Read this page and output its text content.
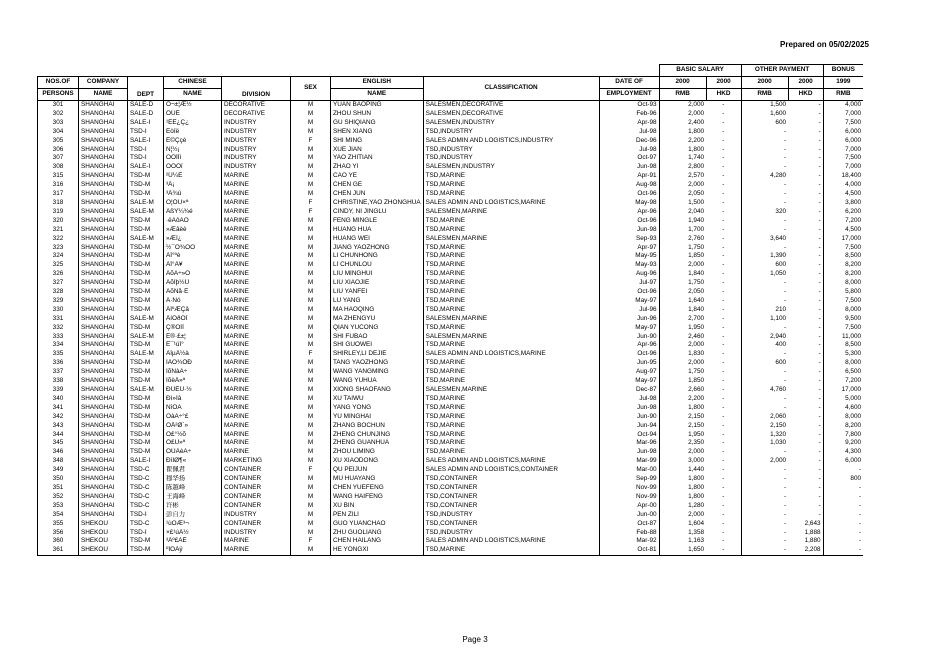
Prepared on 05/02/2025
									BASIC SALARY		OTHER PAYMENT		BONUS
NOS.OF	COMPANY	DEPT	CHINESE	DIVISION	SEX	ENGLISH	CLASSIFICATION	DATE OF	2000	2000	2000	2000	1999
PERSONS	NAME		NAME			NAME		EMPLOYMENT	RMB	HKD	RMB	HKD	RMB
301	SHANGHAI	SALE-D	Ö¬±¦Æ½	DECORATIVE	M	YUAN BAOPING	SALESMEN,DECORATIVE	Oct-93	2,000	-	1,500	-	4,000
302	SHANGHAI	SALE-D	ÖÜÈ	DECORATIVE	M	ZHOU SHUN	SALESMEN,DECORATIVE	Feb-96	2,000	-	1,600	-	7,000
303	SHANGHAI	SALE-I	¹ËÊ¿Ç¿	INDUSTRY	M	GU SHIQIANG	SALESMEN,INDUSTRY	Apr-98	2,400	-	600	-	7,500
304	SHANGHAI	TSD-I	Éòîë	INDUSTRY	M	SHEN XIANG	TSD,INDUSTRY	Jul-98	1,800	-	-	-	6,000
305	SHANGHAI	SALE-I	Ê©Ççè	INDUSTRY	F	SHI MING	SALES ADMIN AND LOGISTICS,INDUSTRY	Dec-96	2,200	-	-	-	6,000
306	SHANGHAI	TSD-I	Ñ¦½¡	INDUSTRY	M	XUE JIAN	TSD,INDUSTRY	Jul-98	1,800	-	-	-	7,000
307	SHANGHAI	TSD-I	ÒÔÎÌì	INDUSTRY	M	YAO ZHITIAN	TSD,INDUSTRY	Oct-97	1,740	-	-	-	7,500
308	SHANGHAI	SALE-I	ÕÔÒï	INDUSTRY	M	ZHAO YI	SALESMEN,INDUSTRY	Jun-98	2,800	-	-	-	7,000
315	SHANGHAI	TSD-M	²Ü¼È	MARINE	M	CAO YE	TSD,MARINE	Apr-91	2,570	-	4,280	-	18,400
316	SHANGHAI	TSD-M	³Â¡	MARINE	M	CHEN GE	TSD,MARINE	Aug-98	2,000	-	-	-	4,000
317	SHANGHAI	TSD-M	³Â¾û	MARINE	M	CHEN JUN	TSD,MARINE	Oct-96	2,050	-	-	-	4,500
318	SHANGHAI	SALE-M	Ò¦ÖÙ×ª	MARINE	F	CHRISTINE,YAO ZHONGHUA	SALES ADMIN AND LOGISTICS,MARINE	May-98	1,500	-	-	-	3,800
319	SHANGHAI	SALE-M	ÄßÝ¼¾é	MARINE	F	CINDY, NI JINGLU	SALESMEN,MARINE	Apr-96	2,040	-	320	-	6,200
320	SHANGHAI	TSD-M	·ëÃôÃÕ	MARINE	M	FENG MINGLE	TSD,MARINE	Oct-96	1,940	-	-	-	7,200
321	SHANGHAI	TSD-M	»Æâèè	MARINE	M	HUANG HUA	TSD,MARINE	Jun-98	1,700	-	-	-	4,500
322	SHANGHAI	SALE-M	»Æî¿	MARINE	M	HUANG WEI	SALESMEN,MARINE	Sep-93	2,760	-	3,640	-	17,000
323	SHANGHAI	TSD-M	½¯Ò¾ÒÒ	MARINE	M	JIANG YAOZHONG	TSD,MARINE	Apr-97	1,750	-	-	-	7,500
324	SHANGHAI	TSD-M	ÀÎ°ºè	MARINE	M	LI CHUNHONG	TSD,MARINE	May-95	1,850	-	1,390	-	8,500
325	SHANGHAI	TSD-M	ÀÎ°Â¥	MARINE	M	LI CHUNLOU	TSD,MARINE	May-93	2,000	-	600	-	8,200
326	SHANGHAI	TSD-M	ÁõÃ÷»Ô	MARINE	M	LIU MINGHUI	TSD,MARINE	Aug-96	1,840	-	1,050	-	8,200
327	SHANGHAI	TSD-M	ÁõÏþ½Ü	MARINE	M	LIU XIAOJIE	TSD,MARINE	Jul-97	1,750	-	-	-	8,000
328	SHANGHAI	TSD-M	ÁõÑå·É	MARINE	M	LIU YANFEI	TSD,MARINE	Oct-96	2,050	-	-	-	5,800
329	SHANGHAI	TSD-M	Á·Ñó	MARINE	M	LU YANG	TSD,MARINE	May-97	1,640	-	-	-	7,500
330	SHANGHAI	TSD-M	ÂÍºÆÇâ	MARINE	M	MA HAOQING	TSD,MARINE	Jul-96	1,840	-	210	-	8,000
331	SHANGHAI	SALE-M	ÂíÕðÓÎ	MARINE	M	MA ZHENGYU	SALESMEN,MARINE	Jun-96	2,700	-	1,100	-	9,500
332	SHANGHAI	TSD-M	Ç®ÓÏÎ	MARINE	M	QIAN YUCONG	TSD,MARINE	May-97	1,950	-	-	-	7,500
333	SHANGHAI	SALE-M	Ê®·£±¦	MARINE	M	SHI FUBAO	SALESMEN,MARINE	Jun-90	2,460	-	2,940	-	11,000
334	SHANGHAI	TSD-M	Ê¯¹úÎ°	MARINE	M	SHI GUOWEI	TSD,MARINE	Apr-96	2,000	-	400	-	8,500
335	SHANGHAI	SALE-M	ÀîµÂ½à	MARINE	F	SHIRLEY,LI DEJIE	SALES ADMIN AND LOGISTICS,MARINE	Oct-96	1,830	-	-	-	5,300
336	SHANGHAI	TSD-M	ÌÀÒ¾ÖÐ	MARINE	M	TANG YAOZHONG	TSD,MARINE	Jun-95	2,000	-	600	-	8,000
337	SHANGHAI	TSD-M	ÍõÑàÃ÷	MARINE	M	WANG YANGMING	TSD,MARINE	Aug-97	1,750	-	-	-	6,500
338	SHANGHAI	TSD-M	ÍõèÂ»ª	MARINE	M	WANG YUHUA	TSD,MARINE	May-97	1,850	-	-	-	7,200
339	SHANGHAI	SALE-M	ÐÜÉÜ·½	MARINE	M	XIONG SHAOFANG	SALESMEN,MARINE	Dec-87	2,660	-	4,760	-	17,000
340	SHANGHAI	TSD-M	Ðì»Íâ	MARINE	M	XU TAIWU	TSD,MARINE	Jul-98	2,200	-	-	-	5,000
341	SHANGHAI	TSD-M	ÑîÓÃ	MARINE	M	YANG YONG	TSD,MARINE	Jun-98	1,800	-	-	-	4,600
342	SHANGHAI	TSD-M	ÓàÃ÷°£	MARINE	M	YU MINGHAI	TSD,MARINE	Jun-90	2,150	-	2,060	-	8,000
343	SHANGHAI	TSD-M	ÕÅ²Ø´»	MARINE	M	ZHANG BOCHUN	TSD,MARINE	Jun-94	2,150	-	2,150	-	8,200
344	SHANGHAI	TSD-M	Ö£°½õ	MARINE	M	ZHENG CHUNJING	TSD,MARINE	Oct-94	1,950	-	1,320	-	7,800
345	SHANGHAI	TSD-M	Ö£Ú»ª	MARINE	M	ZHENG GUANHUA	TSD,MARINE	Mar-96	2,350	-	1,030	-	9,200
346	SHANGHAI	TSD-M	ÖÜÀèÃ÷	MARINE	M	ZHOU LIMING	TSD,MARINE	Jun-98	2,000	-	-	-	4,300
348	SHANGHAI	SALE-I	ÐìÏØ¶«	MARKETING	M	XU XIAODONG	SALES ADMIN AND LOGISTICS,MARINE	Mar-99	3,000	-	2,000	-	6,000
349	SHANGHAI	TSD-C	瞿佩君	CONTAINER	F	QU PEIJUN	SALES ADMIN AND LOGISTICS,CONTAINER	Mar-00	1,440	-	-	-	-
350	SHANGHAI	TSD-C	穆华扬	CONTAINER	M	MU HUAYANG	TSD,CONTAINER	Sep-99	1,800	-	-	-	800
351	SHANGHAI	TSD-C	陈越峰	CONTAINER	M	CHEN YUEFENG	TSD,CONTAINER	Nov-99	1,800	-	-	-	-
352	SHANGHAI	TSD-C	王海峰	CONTAINER	M	WANG HAIFENG	TSD,CONTAINER	Nov-99	1,800	-	-	-	-
353	SHANGHAI	TSD-C	许彬	CONTAINER	M	XU BIN	TSD,CONTAINER	Apr-00	1,280	-	-	-	-
354	SHANGHAI	TSD-I	彭自力	INDUSTRY	M	PEN ZILI	TSD,INDUSTRY	Jun-00	2,000	-	-	-	-
355	SHEKOU	TSD-C	¹ùÔÆ³¬	CONTAINER	M	GUO YUANCHAO	TSD,CONTAINER	Oct-87	1,604	-	-	2,643	-
356	SHEKOU	TSD-I	×£¹úÂ½	INDUSTRY	M	ZHU GUOLIANG	TSD,INDUSTRY	Feb-88	1,358	-	-	1,888	-
360	SHEKOU	TSD-M	³Âº£ÁÉ	MARINE	F	CHEN HAILANG	SALES ADMIN AND LOGISTICS,MARINE	Mar-92	1,163	-	-	1,880	-
361	SHEKOU	TSD-M	ºÎÓÀÿ	MARINE	M	HE YONGXI	TSD,MARINE	Oct-81	1,650	-	-	2,208	-
Page 3
